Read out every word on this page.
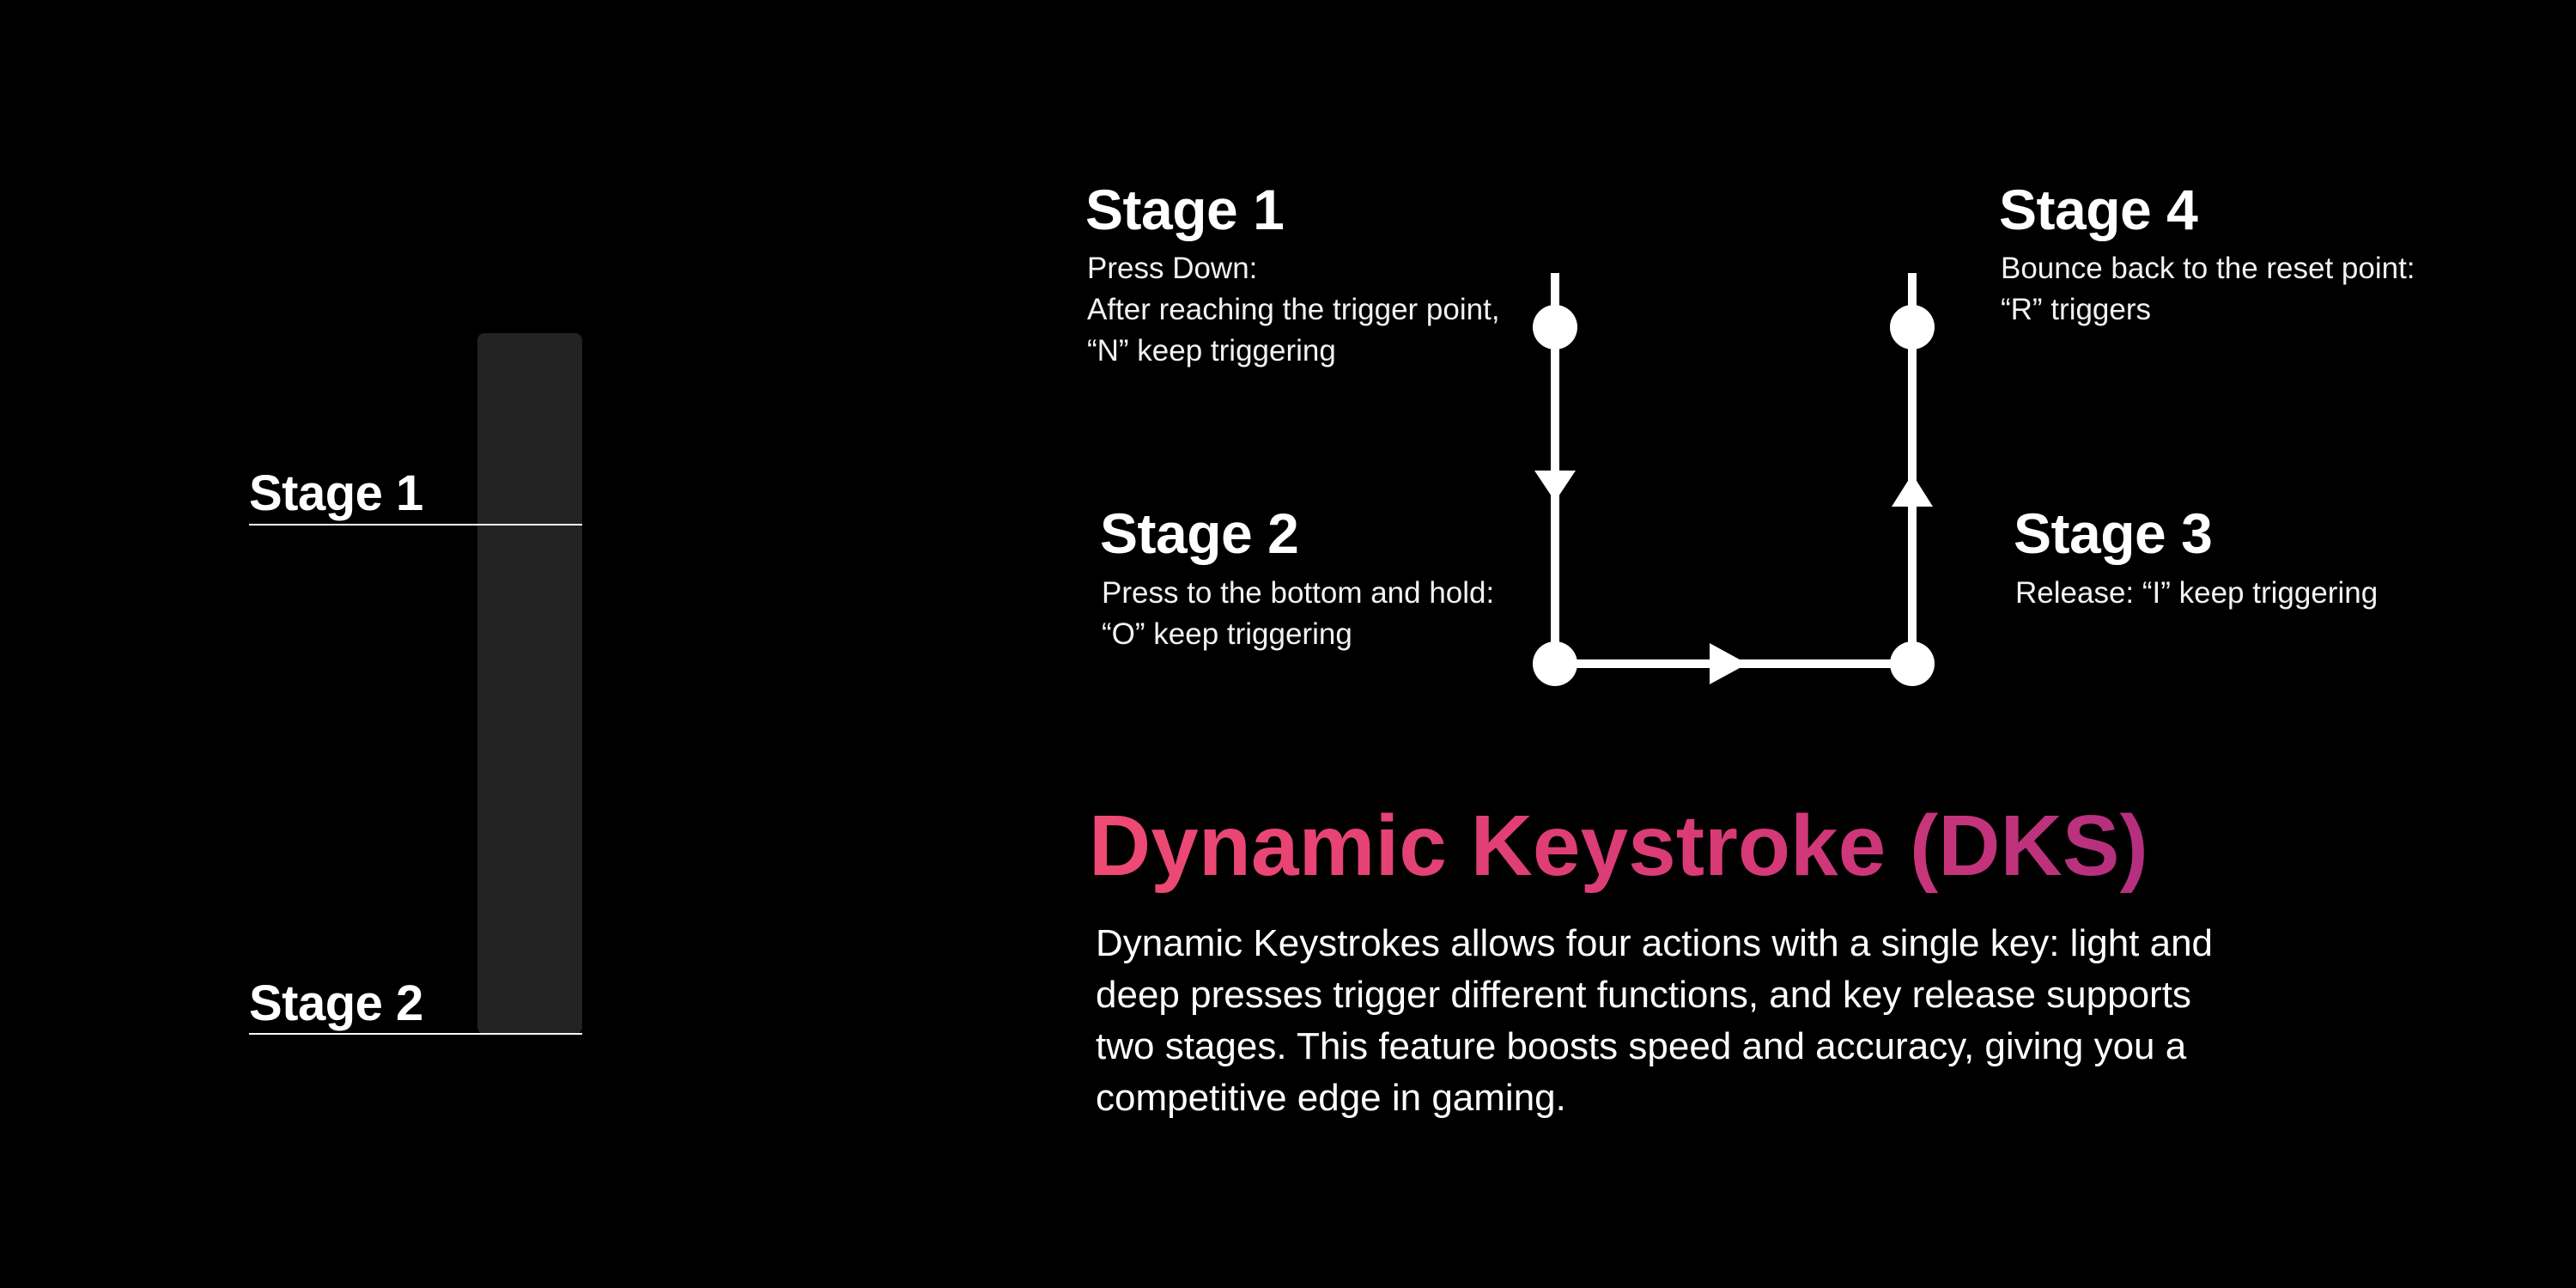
Stage 1
Stage 2
Stage 1
Press Down:
After reaching the trigger point,
“N” keep triggering
Stage 2
Press to the bottom and hold:
“O” keep triggering
Stage 3
Release: “I” keep triggering
Stage 4
Bounce back to the reset point:
“R” triggers
Dynamic Keystroke (DKS)
Dynamic Keystrokes allows four actions with a single key: light and
deep presses trigger different functions, and key release supports
two stages. This feature boosts speed and accuracy, giving you a
competitive edge in gaming.
